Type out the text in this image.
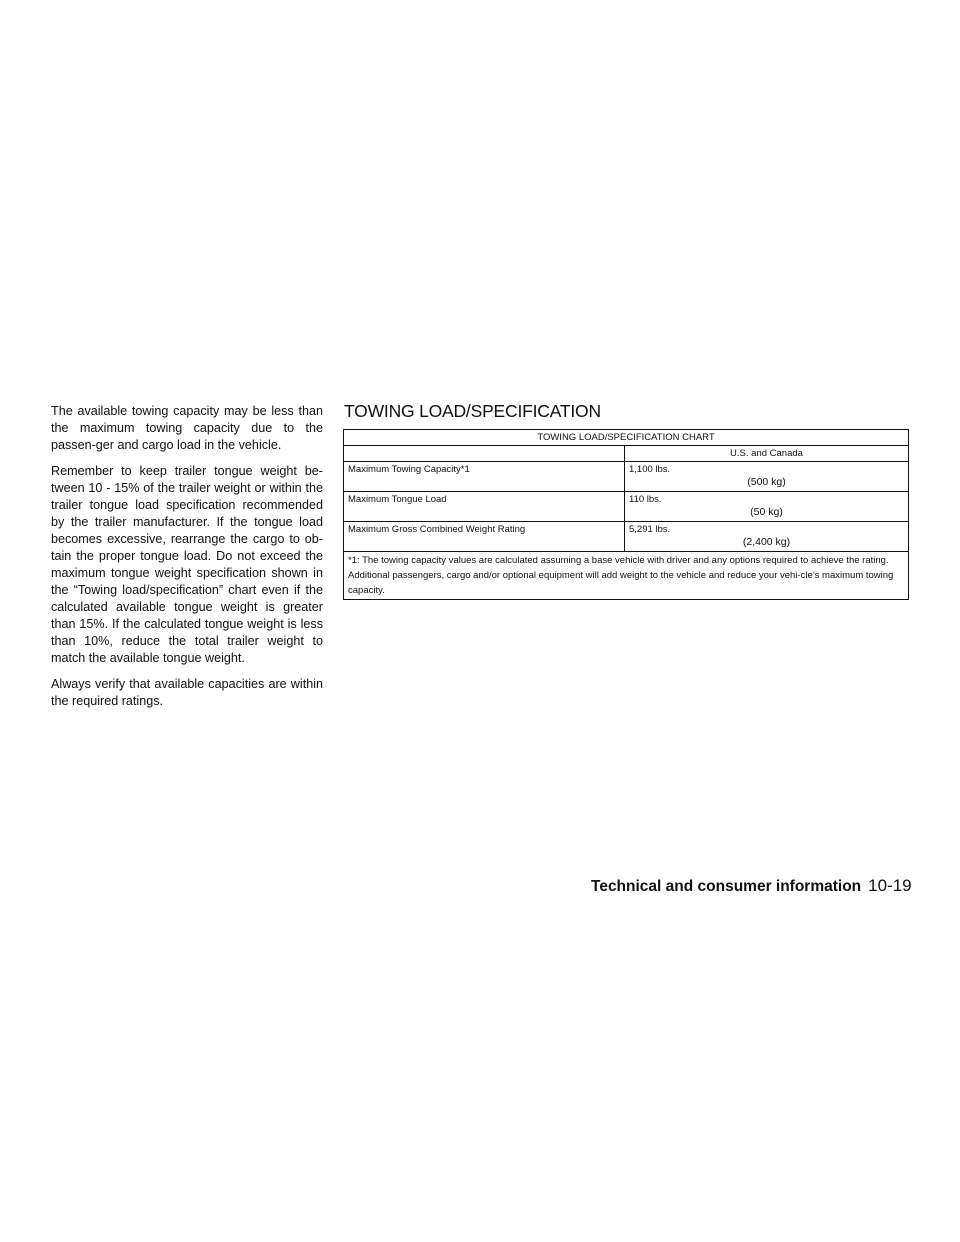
The available towing capacity may be less than the maximum towing capacity due to the passen-ger and cargo load in the vehicle.

Remember to keep trailer tongue weight be-tween 10 - 15% of the trailer weight or within the trailer tongue load specification recommended by the trailer manufacturer. If the tongue load becomes excessive, rearrange the cargo to ob-tain the proper tongue load. Do not exceed the maximum tongue weight specification shown in the “Towing load/specification” chart even if the calculated available tongue weight is greater than 15%. If the calculated tongue weight is less than 10%, reduce the total trailer weight to match the available tongue weight.

Always verify that available capacities are within the required ratings.

TOWING LOAD/SPECIFICATION
TOWING LOAD/SPECIFICATION CHART	
	U.S. and Canada
Maximum Towing Capacity*1	1,100 lbs.
(500 kg)

Maximum Tongue Load	110 lbs.
(50 kg)

Maximum Gross Combined Weight Rating	5,291 lbs.
(2,400 kg)

*1: The towing capacity values are calculated assuming a base vehicle with driver and any options required to achieve the rating. Additional passengers, cargo and/or optional equipment will add weight to the vehicle and reduce your vehi-cle’s maximum towing capacity.	
Technical and consumer information 10-19
